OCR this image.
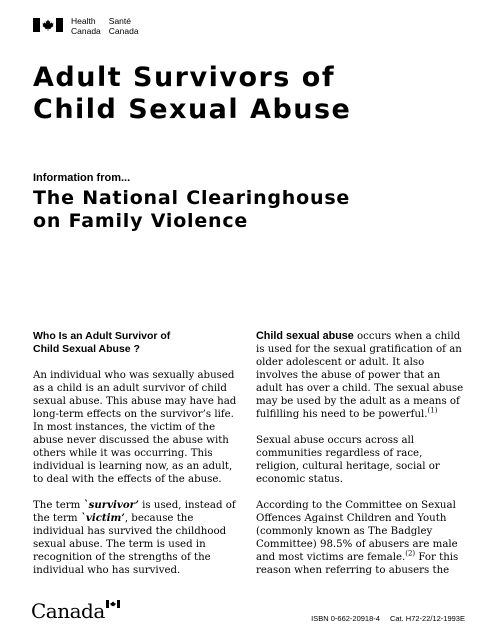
Health
Canada
Santé
Canada
Adult Survivors of
Child Sexual Abuse
Information from...
The National Clearinghouse
on Family Violence
Who Is an Adult Survivor of
Child Sexual Abuse ?

An individual who was sexually abused as a child is an adult survivor of child sexual abuse. This abuse may have had long-term effects on the survivor’s life. In most instances, the victim of the abuse never discussed the abuse with others while it was occurring. This individual is learning now, as an adult, to deal with the effects of the abuse.

The term `survivor’ is used, instead of the term `victim’, because the individual has survived the childhood sexual abuse. The term is used in recognition of the strengths of the individual who has survived.

Child sexual abuse occurs when a child is used for the sexual gratification of an older adolescent or adult. It also involves the abuse of power that an adult has over a child. The sexual abuse may be used by the adult as a means of fulfilling his need to be powerful.$^{(1)}$

Sexual abuse occurs across all communities regardless of race, religion, cultural heritage, social or economic status.

According to the Committee on Sexual Offences Against Children and Youth (commonly known as The Badgley Committee) 98.5% of abusers are male and most victims are female.$^{(2)}$ For this reason when referring to abusers the

Canada	ISBN 0-662-20918-4 Cat. H72-22/12-1993E
